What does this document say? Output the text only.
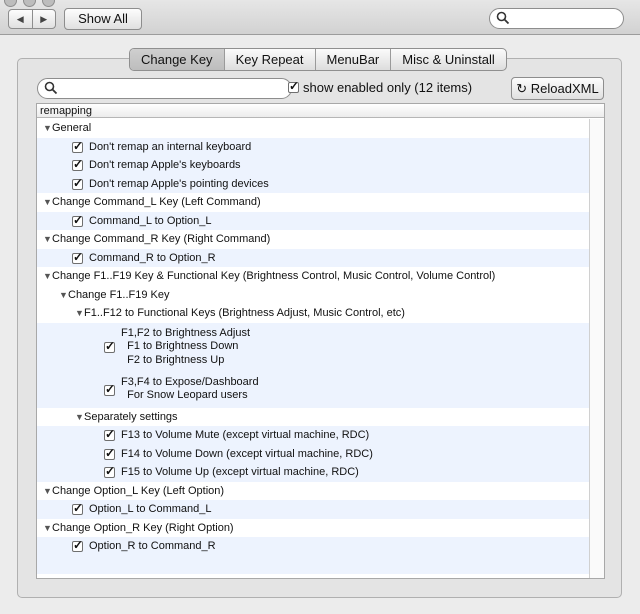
◀ ▶	Show All
Change Key	Key Repeat	MenuBar	Misc & Uninstall
✓
show enabled only (12 items)	↻ ReloadXML
remapping
▼General
✓
Don't remap an internal keyboard
✓
Don't remap Apple's keyboards
✓
Don't remap Apple's pointing devices
▼Change Command_L Key (Left Command)
✓
Command_L to Option_L
▼Change Command_R Key (Right Command)
✓
Command_R to Option_R
▼Change F1..F19 Key & Functional Key (Brightness Control, Music Control, Volume Control)
▼Change F1..F19 Key
▼F1..F12 to Functional Keys (Brightness Adjust, Music Control, etc)
✓
F1,F2 to Brightness Adjust
F1 to Brightness Down
F2 to Brightness Up
✓
F3,F4 to Expose/Dashboard
For Snow Leopard users
▼Separately settings
✓
F13 to Volume Mute (except virtual machine, RDC)
✓
F14 to Volume Down (except virtual machine, RDC)
✓
F15 to Volume Up (except virtual machine, RDC)
▼Change Option_L Key (Left Option)
✓
Option_L to Command_L
▼Change Option_R Key (Right Option)
✓
Option_R to Command_R
